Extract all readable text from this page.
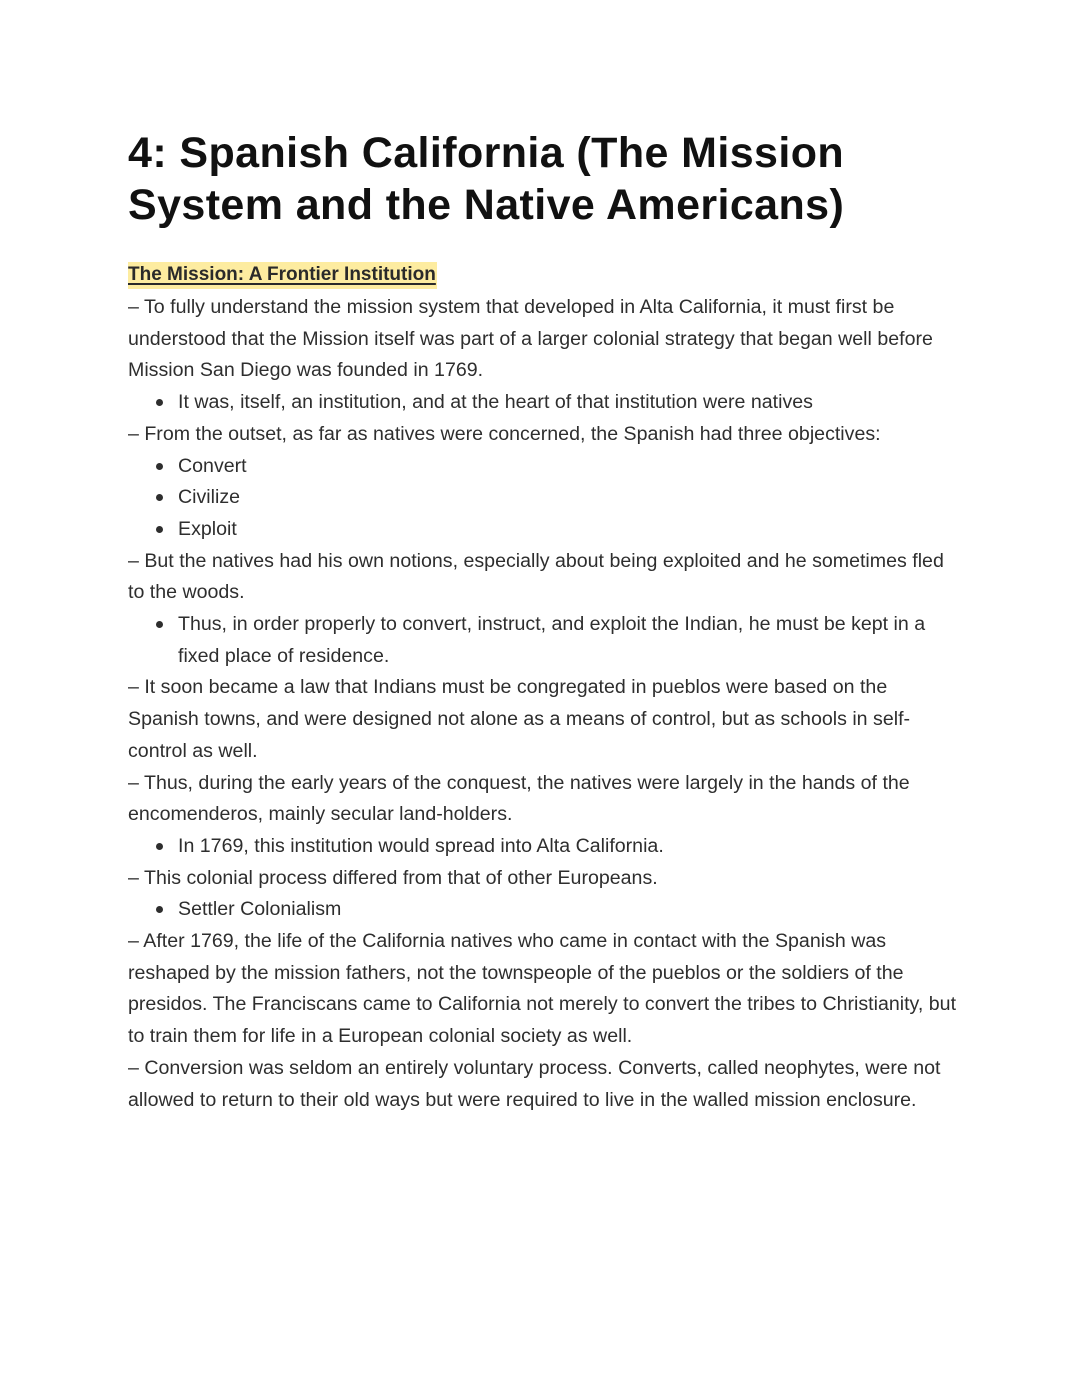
4: Spanish California (The Mission System and the Native Americans)
The Mission: A Frontier Institution

– To fully understand the mission system that developed in Alta California, it must first be understood that the Mission itself was part of a larger colonial strategy that began well before Mission San Diego was founded in 1769.

It was, itself, an institution, and at the heart of that institution were natives

– From the outset, as far as natives were concerned, the Spanish had three objectives:

Convert
Civilize
Exploit

– But the natives had his own notions, especially about being exploited and he sometimes fled to the woods.

Thus, in order properly to convert, instruct, and exploit the Indian, he must be kept in a fixed place of residence.

– It soon became a law that Indians must be congregated in pueblos were based on the Spanish towns, and were designed not alone as a means of control, but as schools in self-control as well.

– Thus, during the early years of the conquest, the natives were largely in the hands of the encomenderos, mainly secular land-holders.

In 1769, this institution would spread into Alta California.

– This colonial process differed from that of other Europeans.

Settler Colonialism

– After 1769, the life of the California natives who came in contact with the Spanish was reshaped by the mission fathers, not the townspeople of the pueblos or the soldiers of the presidos. The Franciscans came to California not merely to convert the tribes to Christianity, but to train them for life in a European colonial society as well.

– Conversion was seldom an entirely voluntary process. Converts, called neophytes, were not allowed to return to their old ways but were required to live in the walled mission enclosure.
